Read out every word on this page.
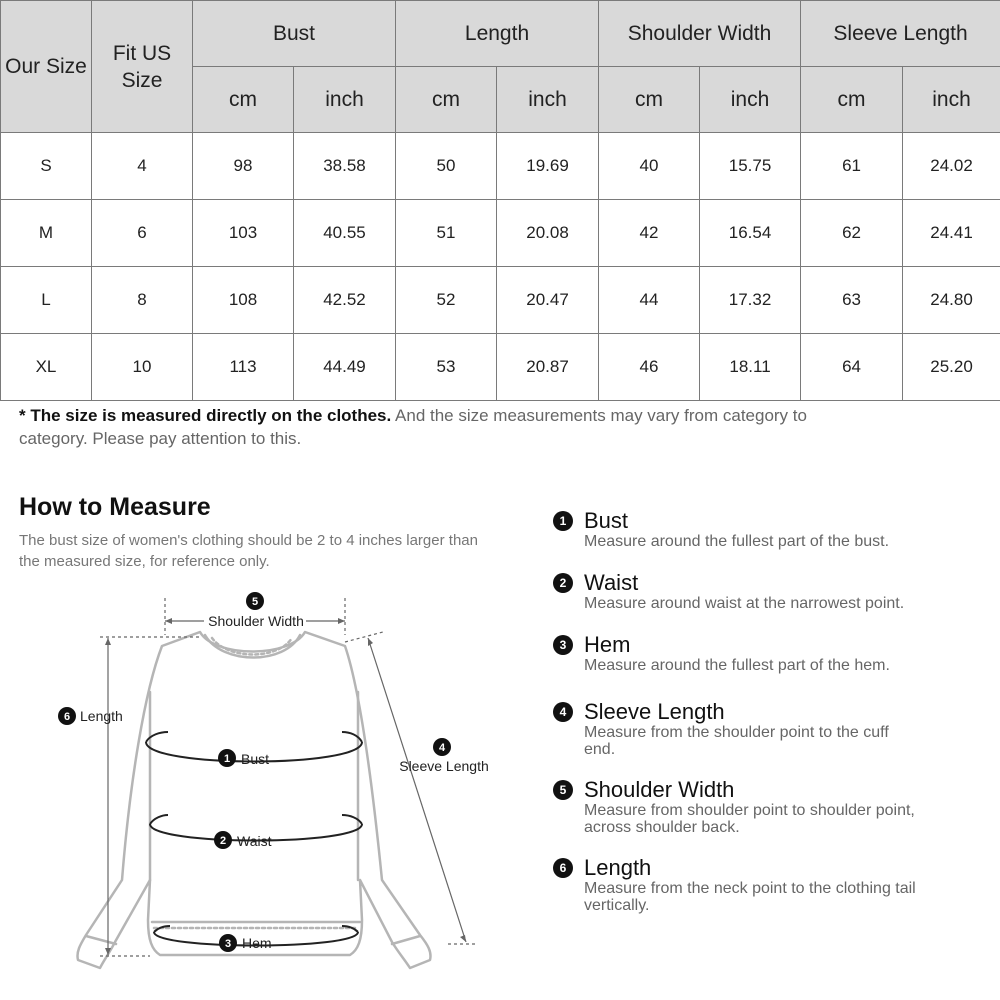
Our Size	Fit US Size	Bust		Length		Shoulder Width		Sleeve Length	
		cm	inch	cm	inch	cm	inch	cm	inch
S	4	98	38.58	50	19.69	40	15.75	61	24.02
M	6	103	40.55	51	20.08	42	16.54	62	24.41
L	8	108	42.52	52	20.47	44	17.32	63	24.80
XL	10	113	44.49	53	20.87	46	18.11	64	25.20
* The size is measured directly on the clothes. And the size measurements may vary from category to category. Please pay attention to this.
How to Measure
The bust size of women's clothing should be 2 to 4 inches larger than the measured size, for reference only.
5
Shoulder Width
6 Length
1 Bust
2 Waist
3 Hem
4
Sleeve Length
1 Bust
Measure around the fullest part of the bust.
2 Waist
Measure around waist at the narrowest point.
3 Hem
Measure around the fullest part of the hem.
4 Sleeve Length
Measure from the shoulder point to the cuff end.
5 Shoulder Width
Measure from shoulder point to shoulder point, across shoulder back.
6 Length
Measure from the neck point to the clothing tail vertically.
